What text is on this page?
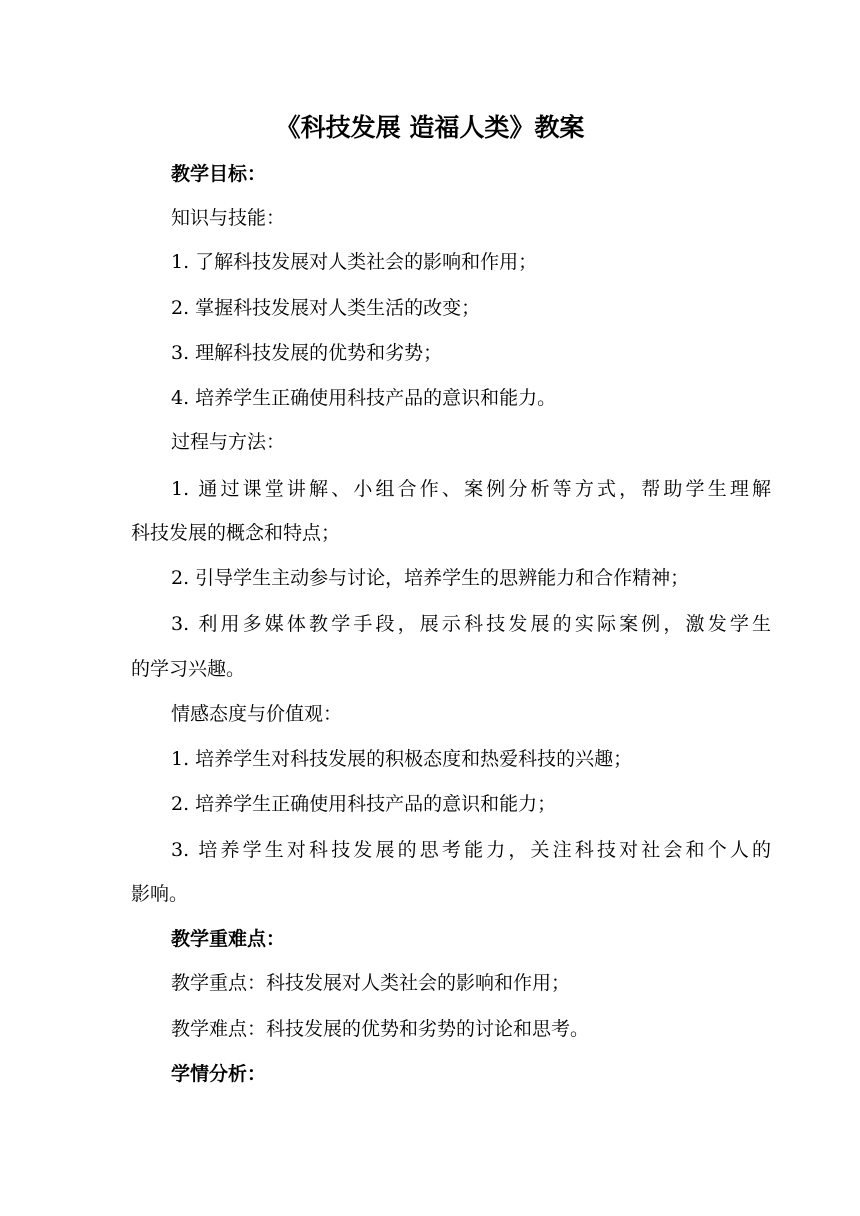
《科技发展 造福人类》教案
教学目标：
知识与技能：
1. 了解科技发展对人类社会的影响和作用；
2. 掌握科技发展对人类生活的改变；
3. 理解科技发展的优势和劣势；
4. 培养学生正确使用科技产品的意识和能力。
过程与方法：
1. 通过课堂讲解、小组合作、案例分析等方式，帮助学生理解
科技发展的概念和特点；
2. 引导学生主动参与讨论，培养学生的思辨能力和合作精神；
3. 利用多媒体教学手段，展示科技发展的实际案例，激发学生
的学习兴趣。
情感态度与价值观：
1. 培养学生对科技发展的积极态度和热爱科技的兴趣；
2. 培养学生正确使用科技产品的意识和能力；
3. 培养学生对科技发展的思考能力，关注科技对社会和个人的
影响。
教学重难点：
教学重点：科技发展对人类社会的影响和作用；
教学难点：科技发展的优势和劣势的讨论和思考。
学情分析：
